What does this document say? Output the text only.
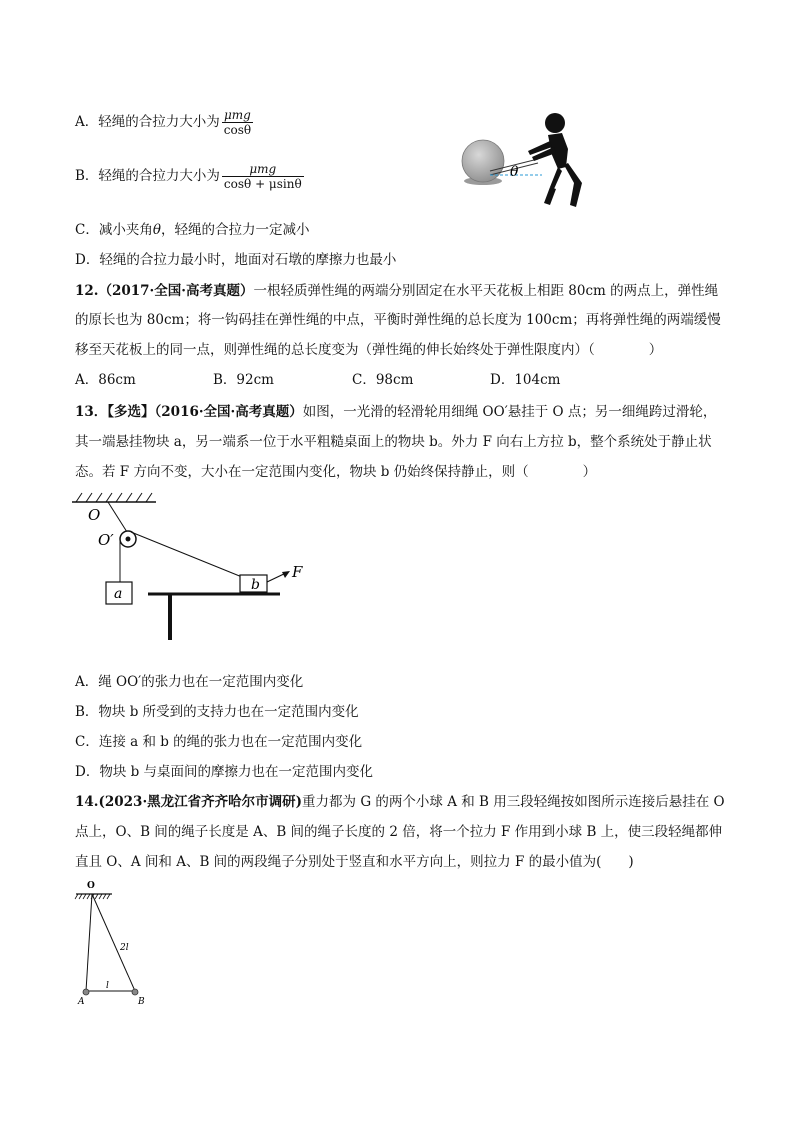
A．轻绳的合拉力大小为 $\frac{\text{μmg}}{\cos\theta}$
B．轻绳的合拉力大小为 $\frac{\text{μmg}}{\cos\theta + \mu\sin\theta}$
C．减小夹角θ，轻绳的合拉力一定减小
D．轻绳的合拉力最小时，地面对石墩的摩擦力也最小
θ
12.（2017·全国·高考真题）一根轻质弹性绳的两端分别固定在水平天花板上相距 80cm 的两点上，弹性绳
的原长也为 80cm；将一钩码挂在弹性绳的中点，平衡时弹性绳的总长度为 100cm；再将弹性绳的两端缓慢
移至天花板上的同一点，则弹性绳的总长度变为（弹性绳的伸长始终处于弹性限度内）（　　　　）
A．86cm	B．92cm	C．98cm	D．104cm
13．【多选】（2016·全国·高考真题）如图，一光滑的轻滑轮用细绳 OO′悬挂于 O 点；另一细绳跨过滑轮，
其一端悬挂物块 a，另一端系一位于水平粗糙桌面上的物块 b。外力 F 向右上方拉 b，整个系统处于静止状
态。若 F 方向不变，大小在一定范围内变化，物块 b 仍始终保持静止，则（　　　　）
O
O′
a
b
F
A．绳 OO′的张力也在一定范围内变化
B．物块 b 所受到的支持力也在一定范围内变化
C．连接 a 和 b 的绳的张力也在一定范围内变化
D．物块 b 与桌面间的摩擦力也在一定范围内变化
14.(2023·黑龙江省齐齐哈尔市调研)重力都为 G 的两个小球 A 和 B 用三段轻绳按如图所示连接后悬挂在 O
点上，O、B 间的绳子长度是 A、B 间的绳子长度的 2 倍，将一个拉力 F 作用到小球 B 上，使三段轻绳都伸
直且 O、A 间和 A、B 间的两段绳子分别处于竖直和水平方向上，则拉力 F 的最小值为(　　)
O
2l
l
A	B
